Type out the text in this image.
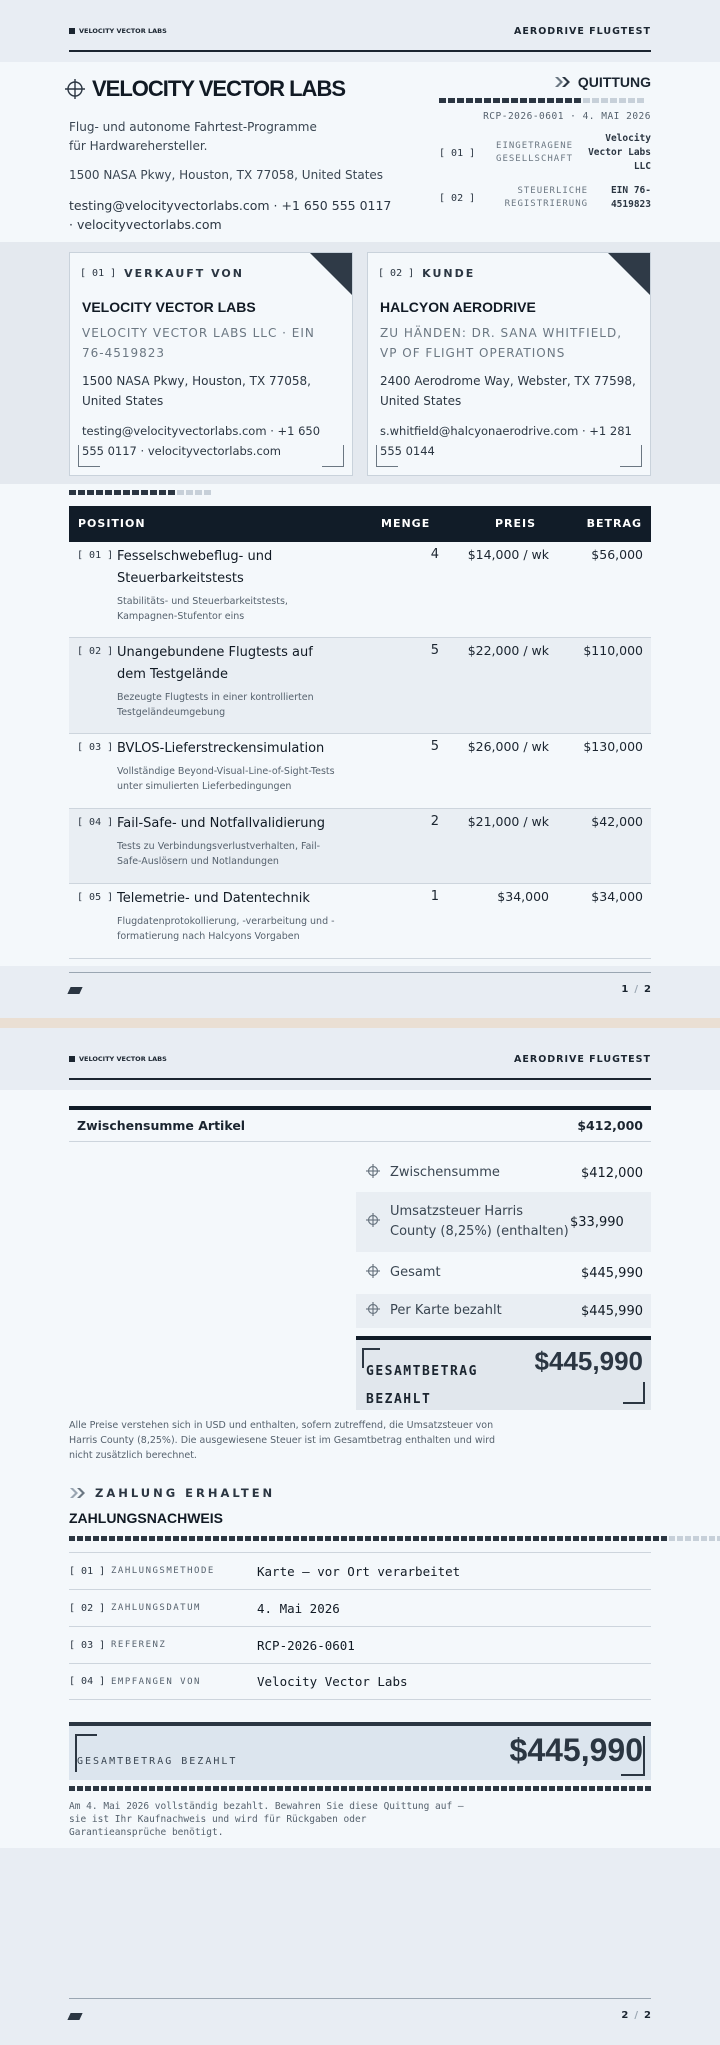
VELOCITY VECTOR LABS	AERODRIVE FLUGTEST
VELOCITY VECTOR LABS
Flug- und autonome Fahrtest-Programme für Hardwarehersteller.
1500 NASA Pkwy, Houston, TX 77058, United States
testing@velocityvectorlabs.com · +1 650 555 0117 · velocityvectorlabs.com
QUITTUNG
RCP-2026-0601 · 4. MAI 2026
[ 01 ]
EINGETRAGENE GESELLSCHAFT
Velocity Vector Labs LLC
[ 02 ]
STEUERLICHE REGISTRIERUNG
EIN 76-4519823
[ 01 ] VERKAUFT VON
VELOCITY VECTOR LABS
VELOCITY VECTOR LABS LLC · EIN 76-4519823
1500 NASA Pkwy, Houston, TX 77058, United States
testing@velocityvectorlabs.com · +1 650 555 0117 · velocityvectorlabs.com
[ 02 ] KUNDE
HALCYON AERODRIVE
ZU HÄNDEN: DR. SANA WHITFIELD, VP OF FLIGHT OPERATIONS
2400 Aerodrome Way, Webster, TX 77598, United States
s.whitfield@halcyonaerodrive.com · +1 281 555 0144
POSITION	MENGE	PREIS	BETRAG
[ 01 ] Fesselschwebeflug- und Steuerbarkeitstests
Stabilitäts- und Steuerbarkeitstests, Kampagnen-Stufentor eins
4	$14,000 / wk	$56,000
[ 02 ] Unangebundene Flugtests auf dem Testgelände
Bezeugte Flugtests in einer kontrollierten Testgeländeumgebung
5	$22,000 / wk	$110,000
[ 03 ] BVLOS-Lieferstreckensimulation
Vollständige Beyond-Visual-Line-of-Sight-Tests unter simulierten Lieferbedingungen
5	$26,000 / wk	$130,000
[ 04 ] Fail-Safe- und Notfallvalidierung
Tests zu Verbindungsverlustverhalten, Fail-Safe-Auslösern und Notlandungen
2	$21,000 / wk	$42,000
[ 05 ] Telemetrie- und Datentechnik
Flugdatenprotokollierung, -verarbeitung und -formatierung nach Halcyons Vorgaben
1	$34,000	$34,000
1 / 2
VELOCITY VECTOR LABS	AERODRIVE FLUGTEST
Zwischensumme Artikel	$412,000
Zwischensumme	$412,000
Umsatzsteuer Harris County (8,25%) (enthalten)
$33,990
Gesamt	$445,990
Per Karte bezahlt	$445,990
GESAMTBETRAG BEZAHLT
$445,990
Alle Preise verstehen sich in USD und enthalten, sofern zutreffend, die Umsatzsteuer von Harris County (8,25%). Die ausgewiesene Steuer ist im Gesamtbetrag enthalten und wird nicht zusätzlich berechnet.
ZAHLUNG ERHALTEN
ZAHLUNGSNACHWEIS
[ 01 ] ZAHLUNGSMETHODE	Karte — vor Ort verarbeitet
[ 02 ] ZAHLUNGSDATUM	4. Mai 2026
[ 03 ] REFERENZ	RCP-2026-0601
[ 04 ] EMPFANGEN VON	Velocity Vector Labs
GESAMTBETRAG BEZAHLT	$445,990
Am 4. Mai 2026 vollständig bezahlt. Bewahren Sie diese Quittung auf — sie ist Ihr Kaufnachweis und wird für Rückgaben oder Garantieansprüche benötigt.
2 / 2
